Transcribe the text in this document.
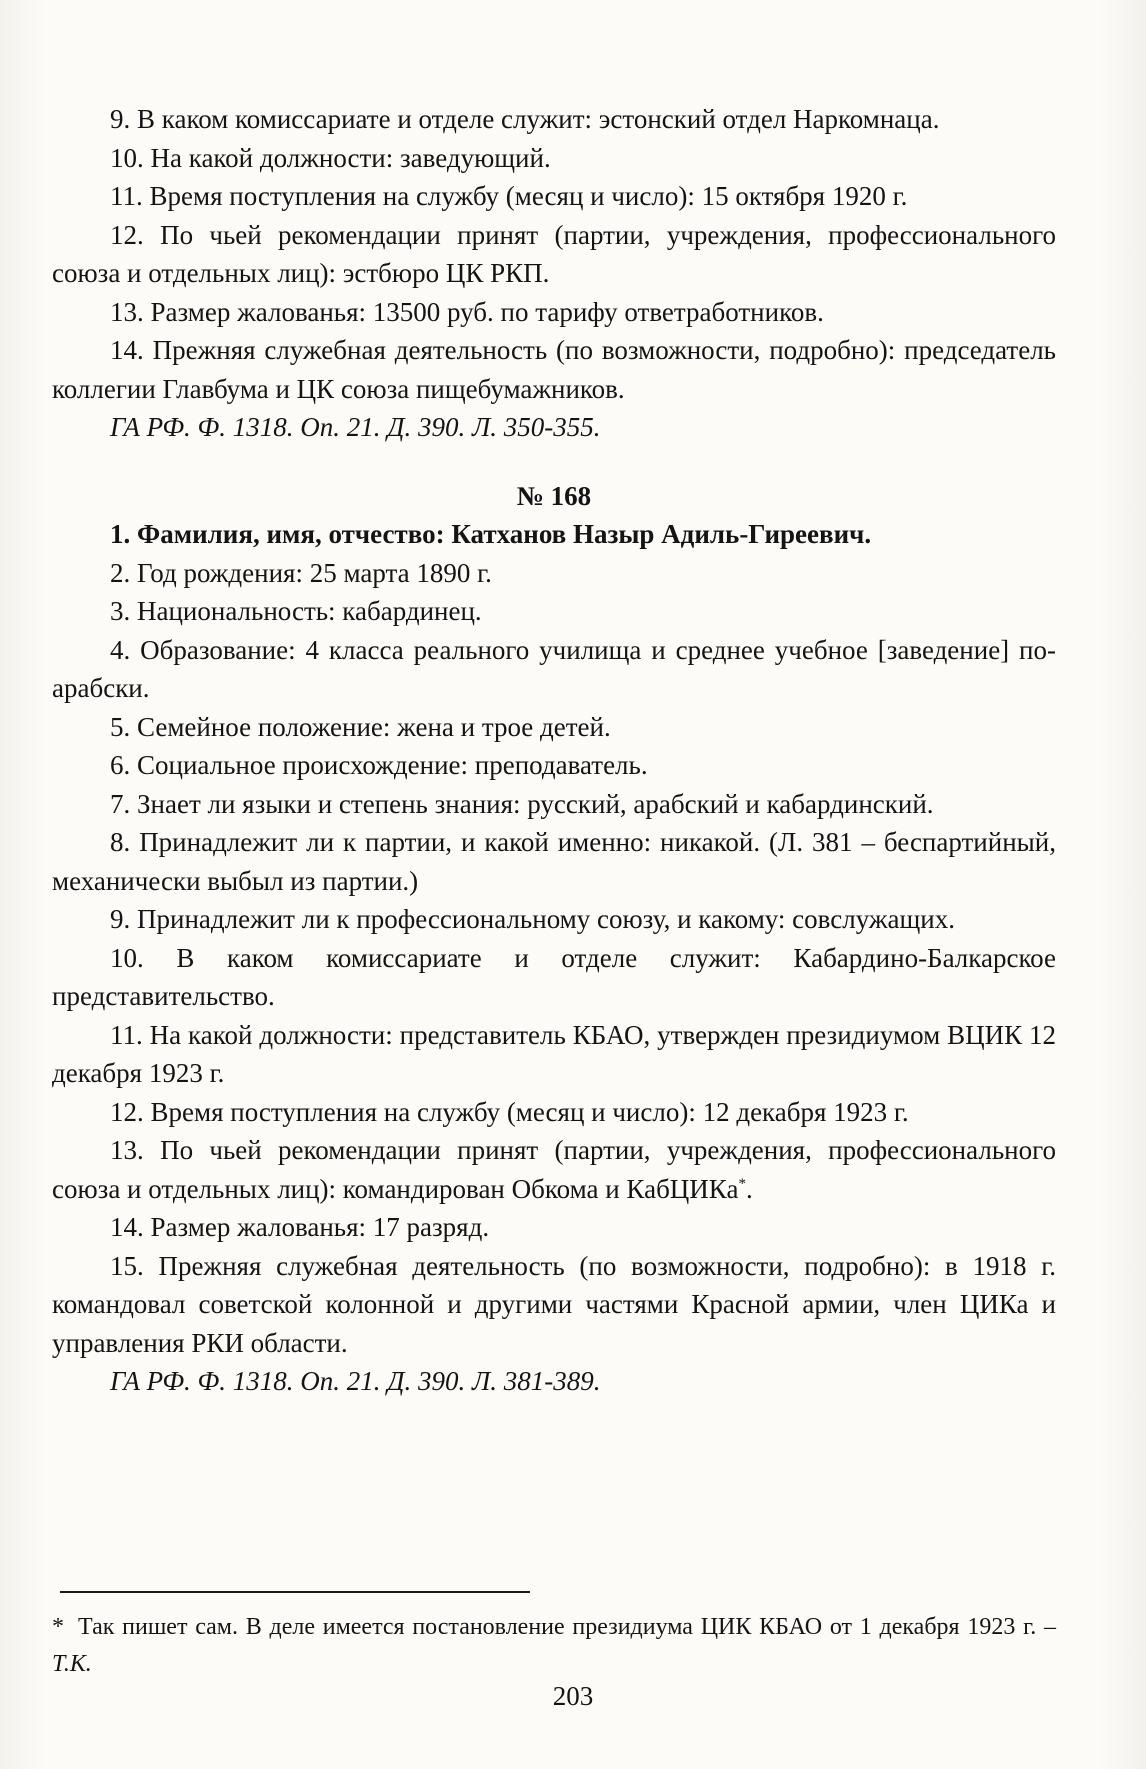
9. В каком комиссариате и отделе служит: эстонский отдел Наркомнаца.

10. На какой должности: заведующий.

11. Время поступления на службу (месяц и число): 15 октября 1920 г.

12. По чьей рекомендации принят (партии, учреждения, профессионального союза и отдельных лиц): эстбюро ЦК РКП.

13. Размер жалованья: 13500 руб. по тарифу ответработников.

14. Прежняя служебная деятельность (по возможности, подробно): председатель коллегии Главбума и ЦК союза пищебумажников.

ГА РФ. Ф. 1318. Оп. 21. Д. 390. Л. 350-355.

№ 168

1. Фамилия, имя, отчество: Катханов Назыр Адиль-Гиреевич.

2. Год рождения: 25 марта 1890 г.

3. Национальность: кабардинец.

4. Образование: 4 класса реального училища и среднее учебное [заведение] по-арабски.

5. Семейное положение: жена и трое детей.

6. Социальное происхождение: преподаватель.

7. Знает ли языки и степень знания: русский, арабский и кабардинский.

8. Принадлежит ли к партии, и какой именно: никакой. (Л. 381 – беспартийный, механически выбыл из партии.)

9. Принадлежит ли к профессиональному союзу, и какому: совслужащих.

10. В каком комиссариате и отделе служит: Кабардино-Балкарское представительство.

11. На какой должности: представитель КБАО, утвержден президиумом ВЦИК 12 декабря 1923 г.

12. Время поступления на службу (месяц и число): 12 декабря 1923 г.

13. По чьей рекомендации принят (партии, учреждения, профессионального союза и отдельных лиц): командирован Обкома и КабЦИКа*.

14. Размер жалованья: 17 разряд.

15. Прежняя служебная деятельность (по возможности, подробно): в 1918 г. командовал советской колонной и другими частями Красной армии, член ЦИКа и управления РКИ области.

ГА РФ. Ф. 1318. Оп. 21. Д. 390. Л. 381-389.

* Так пишет сам. В деле имеется постановление президиума ЦИК КБАО от 1 декабря 1923 г. – Т.К.
203
